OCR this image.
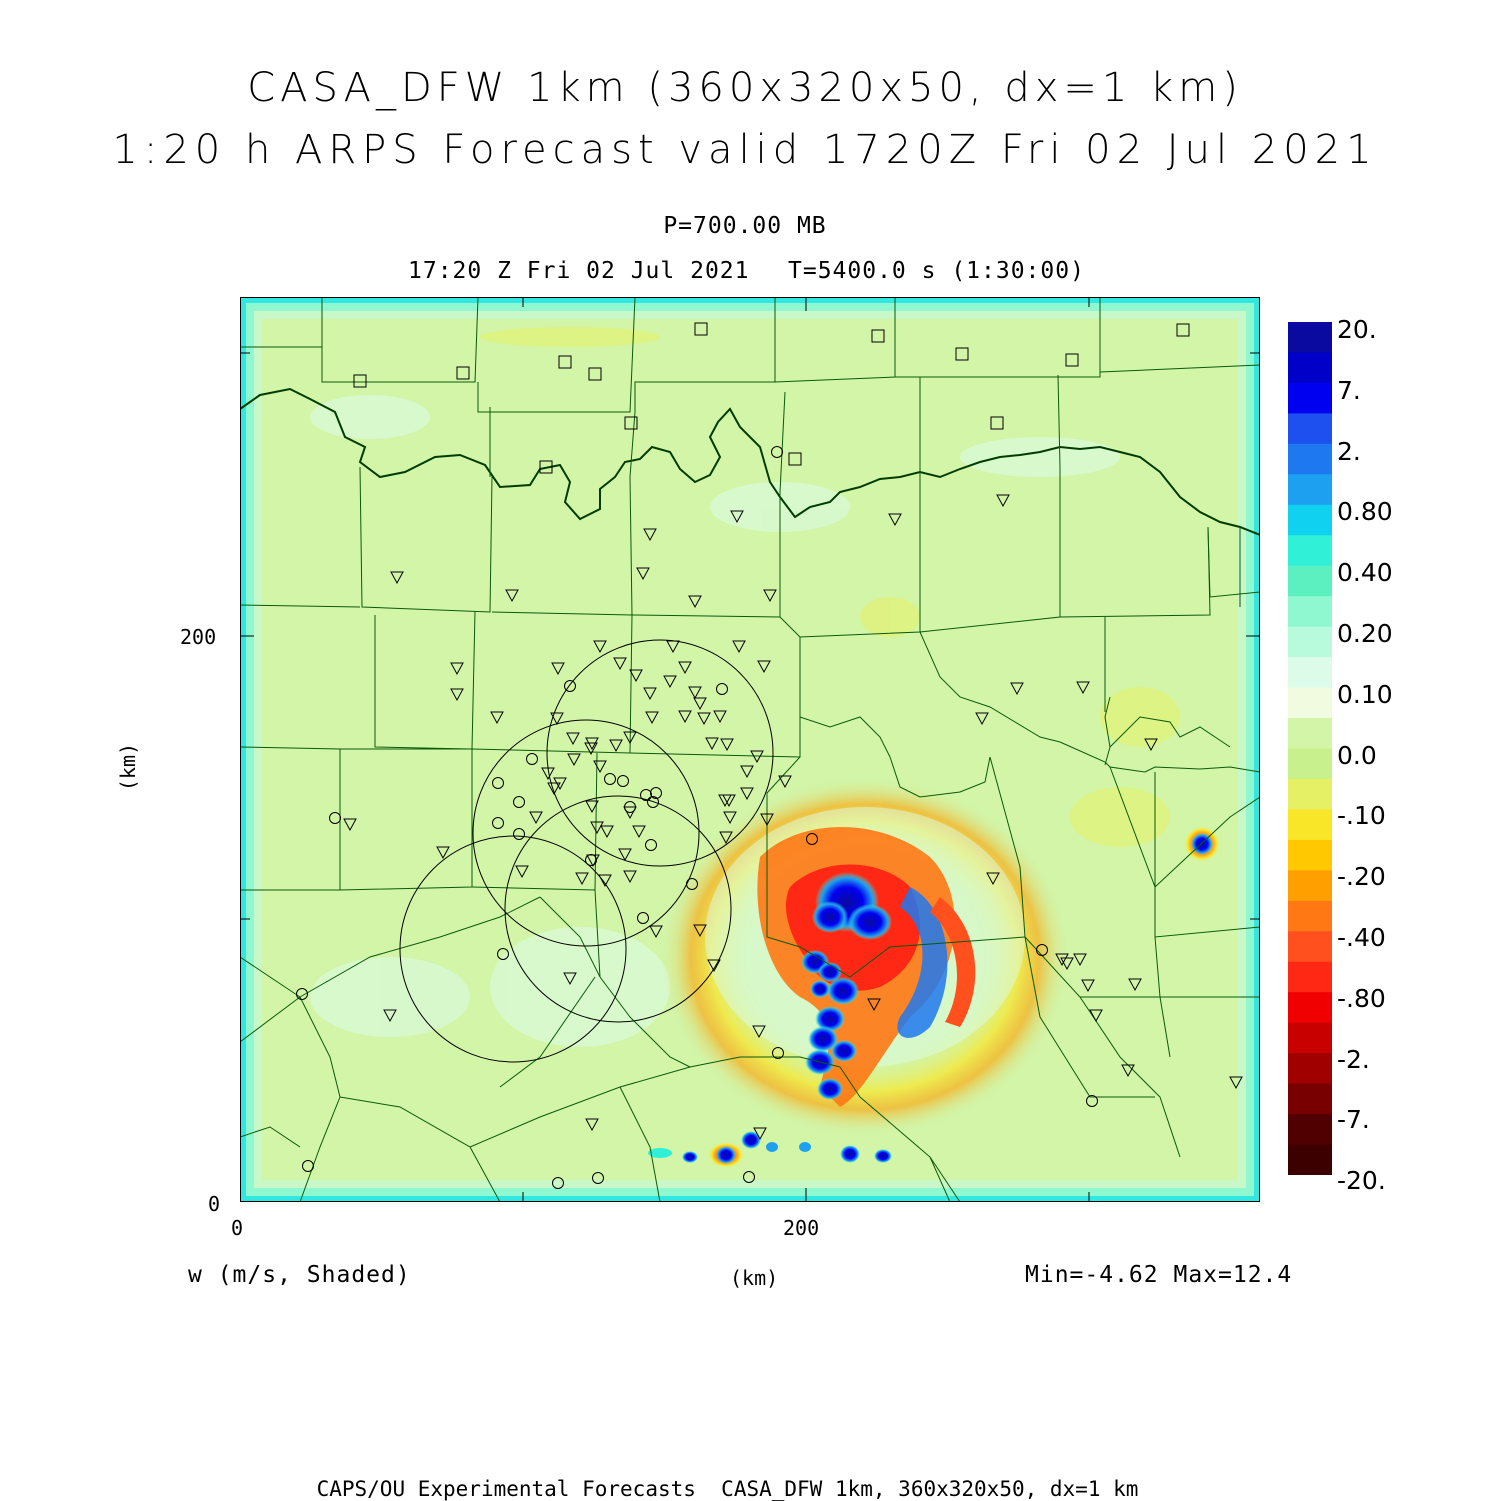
CASA_DFW 1km (360x320x50, dx=1 km)
1:20 h ARPS Forecast valid 1720Z Fri 02 Jul 2021
P=700.00 MB
17:20 Z Fri 02 Jul 2021 T=5400.0 s (1:30:00)
(km)
(km)
200
0
0	200
w (m/s, Shaded)	Min=-4.62 Max=12.4
CAPS/OU Experimental Forecasts  CASA_DFW 1km, 360x320x50, dx=1 km
20.
7.
2.
0.80
0.40
0.20
0.10
0.0
-.10
-.20
-.40
-.80
-2.
-7.
-20.
